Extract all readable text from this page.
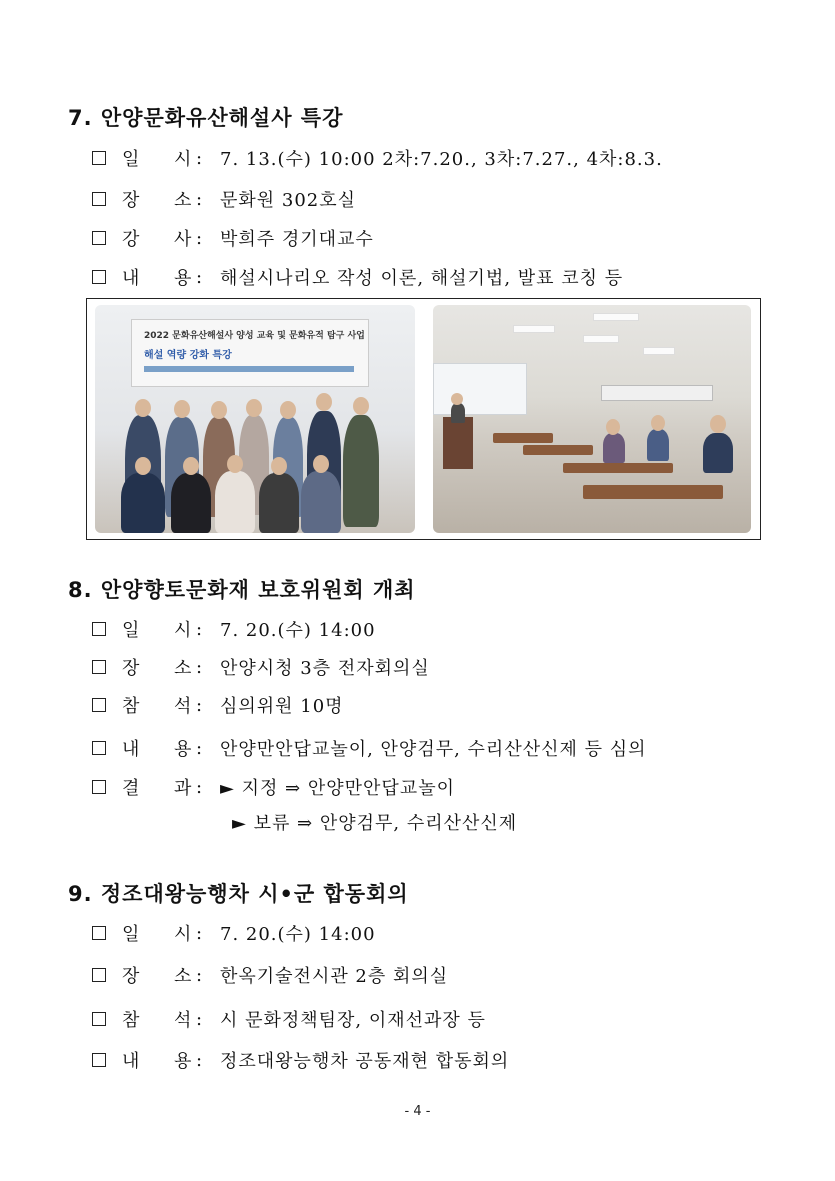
7. 안양문화유산해설사 특강
일 시 : 7. 13.(수) 10:00 2차:7.20., 3차:7.27., 4차:8.3.
장 소 : 문화원 302호실
강 사 : 박희주 경기대교수
내 용 : 해설시나리오 작성 이론, 해설기법, 발표 코칭 등
2022 문화유산해설사 양성 교육 및 문화유적 탐구 사업
해설 역량 강화 특강
8. 안양향토문화재 보호위원회 개최
일 시 : 7. 20.(수) 14:00
장 소 : 안양시청 3층 전자회의실
참 석 : 심의위원 10명
내 용 : 안양만안답교놀이, 안양검무, 수리산산신제 등 심의
결 과 : ► 지정 ⇒ 안양만안답교놀이
► 보류 ⇒ 안양검무, 수리산산신제
9. 정조대왕능행차 시•군 합동회의
일 시 : 7. 20.(수) 14:00
장 소 : 한옥기술전시관 2층 회의실
참 석 : 시 문화정책팀장, 이재선과장 등
내 용 : 정조대왕능행차 공동재현 합동회의
- 4 -
